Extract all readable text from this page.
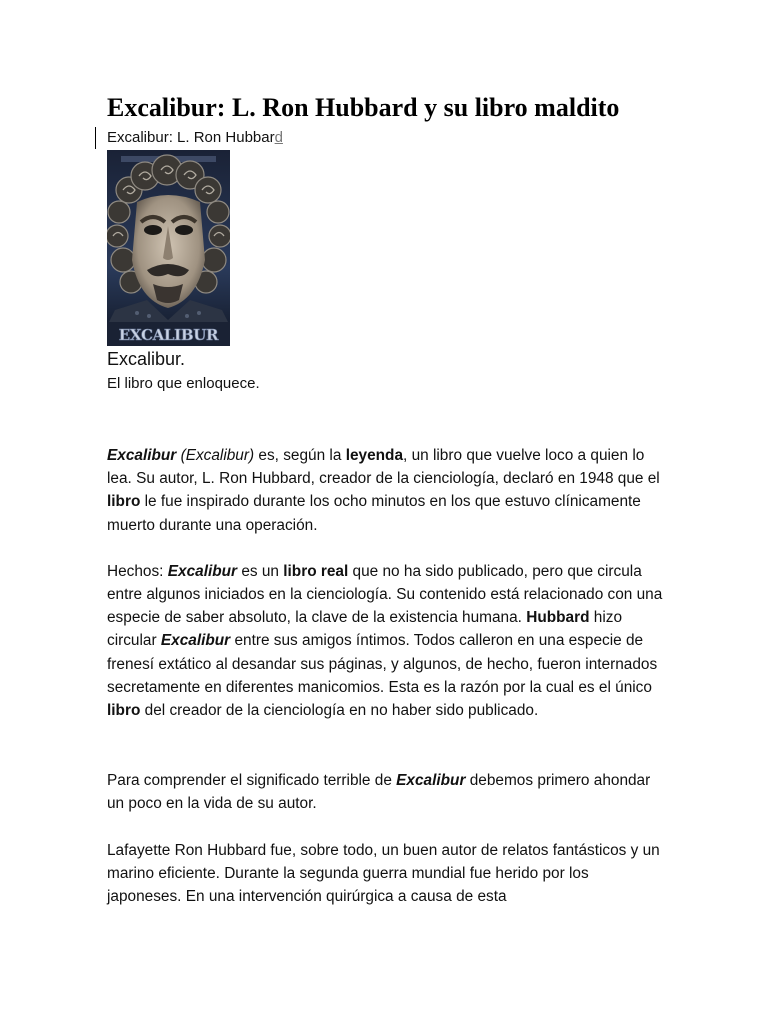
Excalibur: L. Ron Hubbard y su libro maldito
Excalibur: L. Ron Hubbard
EXCALIBUR
Excalibur.
El libro que enloquece.

Excalibur (Excalibur) es, según la leyenda, un libro que vuelve loco a quien lo lea. Su autor, L. Ron Hubbard, creador de la cienciología, declaró en 1948 que el libro le fue inspirado durante los ocho minutos en los que estuvo clínicamente muerto durante una operación.

Hechos: Excalibur es un libro real que no ha sido publicado, pero que circula entre algunos iniciados en la cienciología. Su contenido está relacionado con una especie de saber absoluto, la clave de la existencia humana. Hubbard hizo circular Excalibur entre sus amigos íntimos. Todos calleron en una especie de frenesí extático al desandar sus páginas, y algunos, de hecho, fueron internados secretamente en diferentes manicomios. Esta es la razón por la cual es el único libro del creador de la cienciología en no haber sido publicado.

Para comprender el significado terrible de Excalibur debemos primero ahondar un poco en la vida de su autor.

Lafayette Ron Hubbard fue, sobre todo, un buen autor de relatos fantásticos y un marino eficiente. Durante la segunda guerra mundial fue herido por los japoneses. En una intervención quirúrgica a causa de esta
